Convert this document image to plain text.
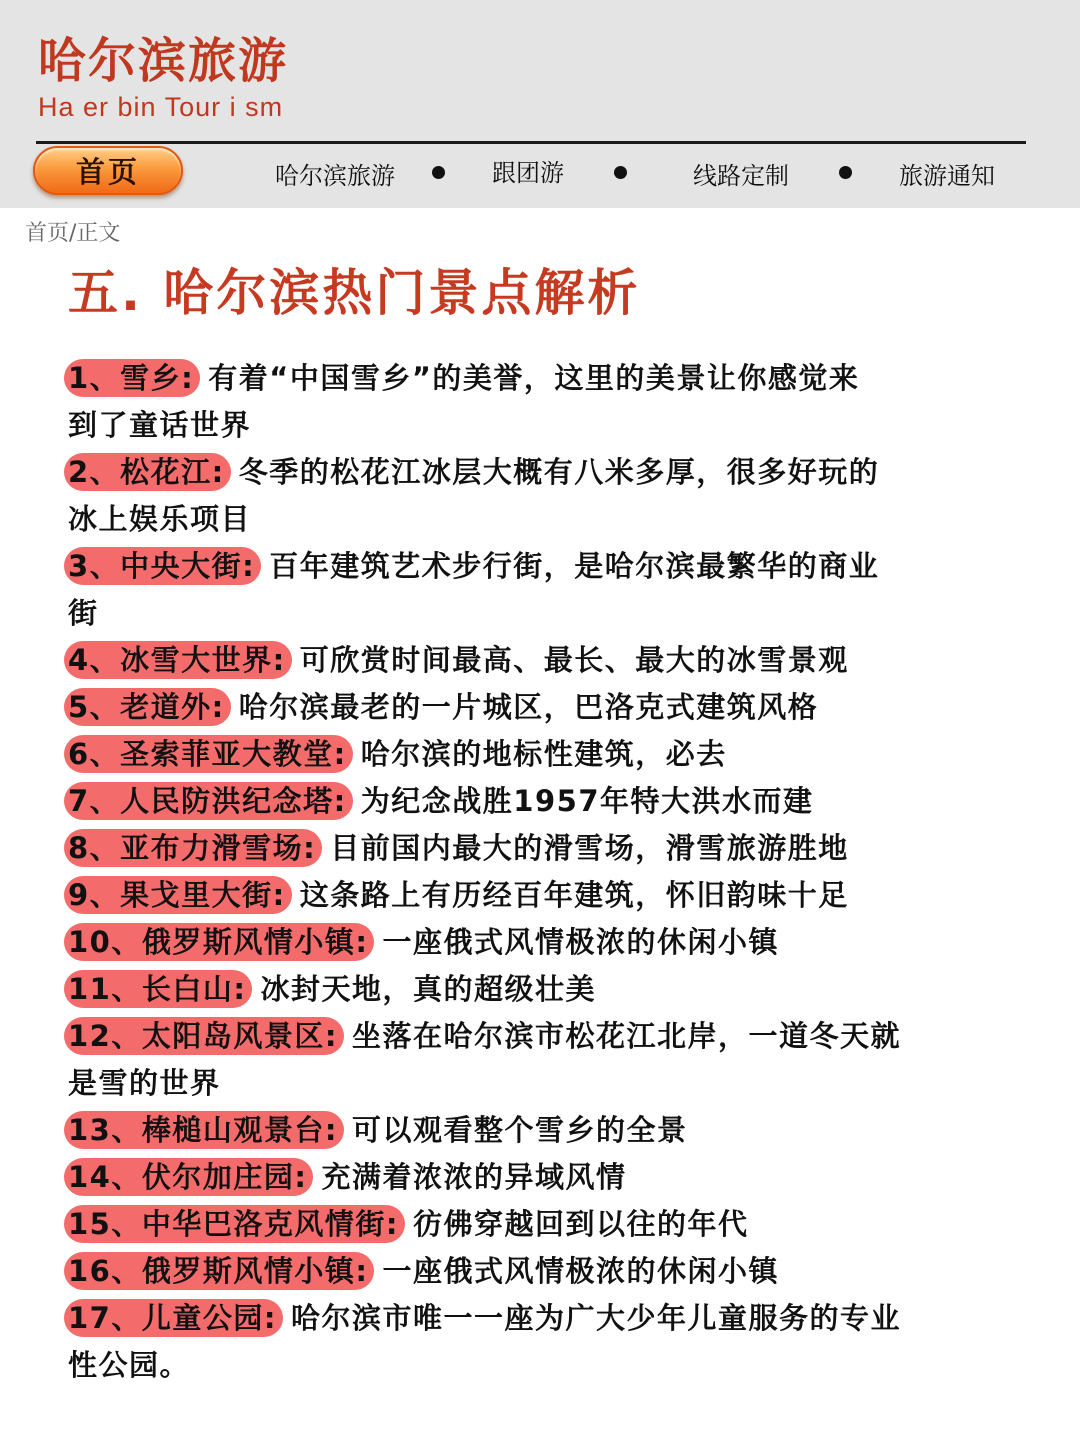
哈尔滨旅游
Ha er bin Tour i sm
首页	哈尔滨旅游	跟团游	线路定制	旅游通知
首页/正文
五. 哈尔滨热门景点解析
1、雪乡: 有着“中国雪乡”的美誉，这里的美景让你感觉来
到了童话世界
2、松花江: 冬季的松花江冰层大概有八米多厚，很多好玩的
冰上娱乐项目
3、中央大街: 百年建筑艺术步行街，是哈尔滨最繁华的商业
街
4、冰雪大世界: 可欣赏时间最高、最长、最大的冰雪景观
5、老道外: 哈尔滨最老的一片城区，巴洛克式建筑风格
6、圣索菲亚大教堂: 哈尔滨的地标性建筑，必去
7、人民防洪纪念塔: 为纪念战胜1957年特大洪水而建
8、亚布力滑雪场: 目前国内最大的滑雪场，滑雪旅游胜地
9、果戈里大街: 这条路上有历经百年建筑，怀旧韵味十足
10、俄罗斯风情小镇: 一座俄式风情极浓的休闲小镇
11、长白山: 冰封天地，真的超级壮美
12、太阳岛风景区: 坐落在哈尔滨市松花江北岸，一道冬天就
是雪的世界
13、棒槌山观景台: 可以观看整个雪乡的全景
14、伏尔加庄园: 充满着浓浓的异域风情
15、中华巴洛克风情街: 彷佛穿越回到以往的年代
16、俄罗斯风情小镇: 一座俄式风情极浓的休闲小镇
17、儿童公园: 哈尔滨市唯一一座为广大少年儿童服务的专业
性公园。
